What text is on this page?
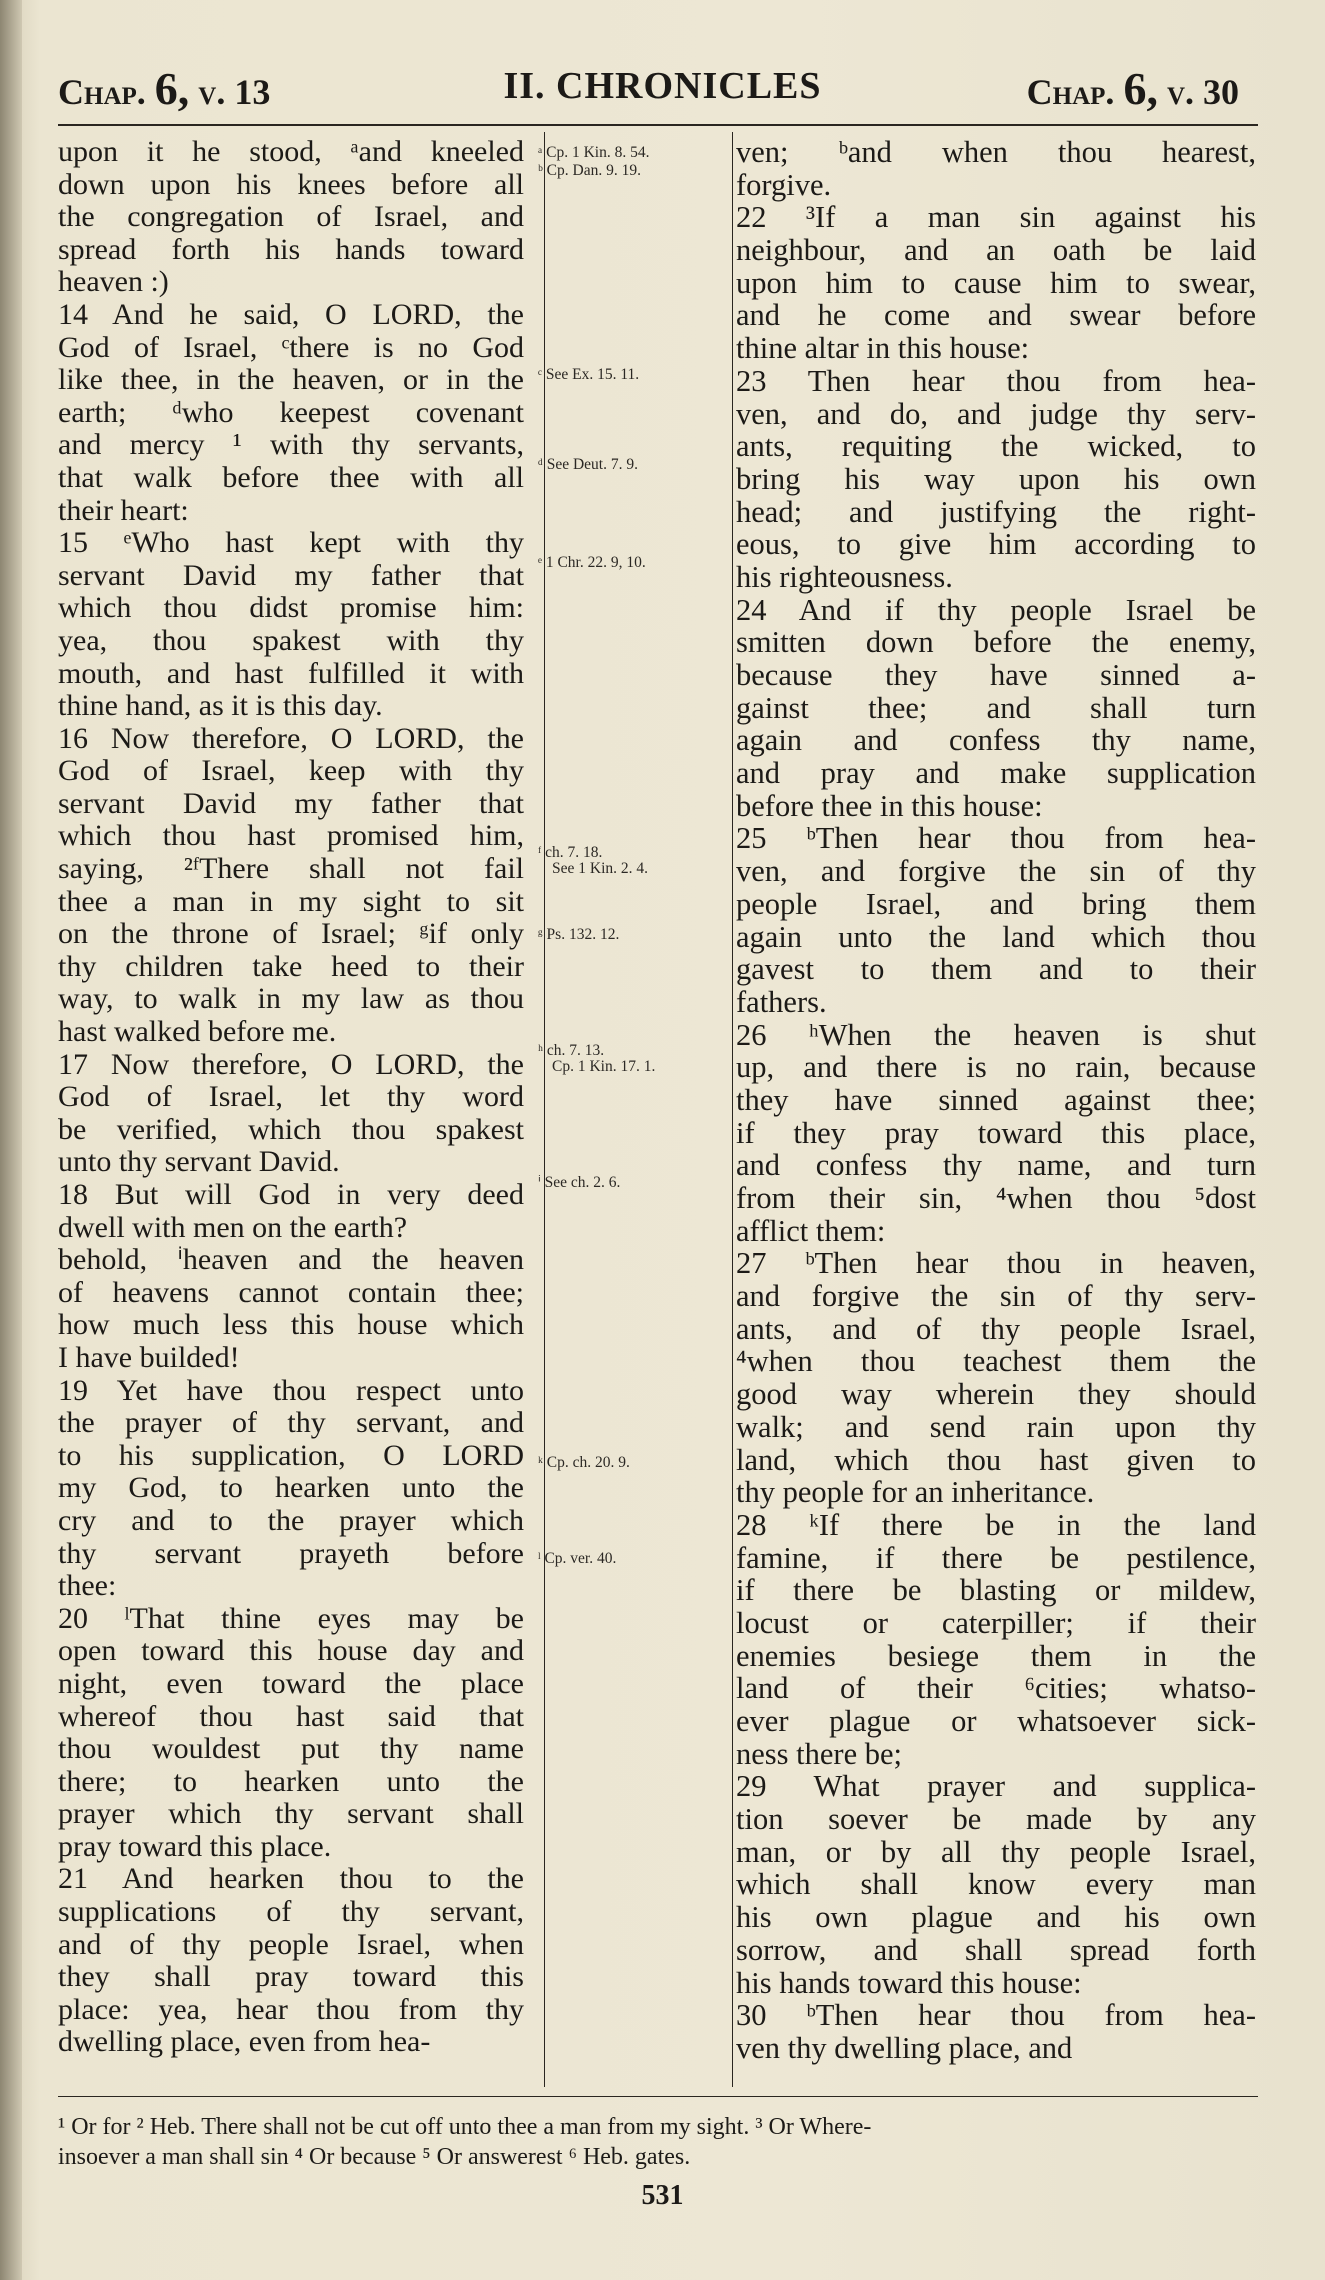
Chap. 6, v. 13	II. CHRONICLES	Chap. 6, v. 30
upon it he stood, ᵃand kneeled
down upon his knees before all
the congregation of Israel, and
spread forth his hands toward
heaven :)
14 And he said, O LORD, the
God of Israel, ᶜthere is no God
like thee, in the heaven, or in the
earth; ᵈwho keepest covenant
and mercy ¹ with thy servants,
that walk before thee with all
their heart:
15 ᵉWho hast kept with thy
servant David my father that
which thou didst promise him:
yea, thou spakest with thy
mouth, and hast fulfilled it with
thine hand, as it is this day.
16 Now therefore, O LORD, the
God of Israel, keep with thy
servant David my father that
which thou hast promised him,
saying, ²ᶠThere shall not fail
thee a man in my sight to sit
on the throne of Israel; ᵍif only
thy children take heed to their
way, to walk in my law as thou
hast walked before me.
17 Now therefore, O LORD, the
God of Israel, let thy word
be verified, which thou spakest
unto thy servant David.
18 But will God in very deed
dwell with men on the earth?
behold, ⁱheaven and the heaven
of heavens cannot contain thee;
how much less this house which
I have builded!
19 Yet have thou respect unto
the prayer of thy servant, and
to his supplication, O LORD
my God, to hearken unto the
cry and to the prayer which
thy servant prayeth before
thee:
20 ˡThat thine eyes may be
open toward this house day and
night, even toward the place
whereof thou hast said that
thou wouldest put thy name
there; to hearken unto the
prayer which thy servant shall
pray toward this place.
21 And hearken thou to the
supplications of thy servant,
and of thy people Israel, when
they shall pray toward this
place: yea, hear thou from thy
dwelling place, even from hea-
ᵃ Cp. 1 Kin. 8. 54.
ᵇ Cp. Dan. 9. 19.
ᶜ See Ex. 15. 11.
ᵈ See Deut. 7. 9.
ᵉ 1 Chr. 22. 9, 10.
ᶠ ch. 7. 18.
See 1 Kin. 2. 4.
ᵍ Ps. 132. 12.
ʰ ch. 7. 13.
Cp. 1 Kin. 17. 1.
ⁱ See ch. 2. 6.
ᵏ Cp. ch. 20. 9.
ˡ Cp. ver. 40.
ven; ᵇand when thou hearest,
forgive.
22 ³If a man sin against his
neighbour, and an oath be laid
upon him to cause him to swear,
and he come and swear before
thine altar in this house:
23 Then hear thou from hea-
ven, and do, and judge thy serv-
ants, requiting the wicked, to
bring his way upon his own
head; and justifying the right-
eous, to give him according to
his righteousness.
24 And if thy people Israel be
smitten down before the enemy,
because they have sinned a-
gainst thee; and shall turn
again and confess thy name,
and pray and make supplication
before thee in this house:
25 ᵇThen hear thou from hea-
ven, and forgive the sin of thy
people Israel, and bring them
again unto the land which thou
gavest to them and to their
fathers.
26 ʰWhen the heaven is shut
up, and there is no rain, because
they have sinned against thee;
if they pray toward this place,
and confess thy name, and turn
from their sin, ⁴when thou ⁵dost
afflict them:
27 ᵇThen hear thou in heaven,
and forgive the sin of thy serv-
ants, and of thy people Israel,
⁴when thou teachest them the
good way wherein they should
walk; and send rain upon thy
land, which thou hast given to
thy people for an inheritance.
28 ᵏIf there be in the land
famine, if there be pestilence,
if there be blasting or mildew,
locust or caterpiller; if their
enemies besiege them in the
land of their ⁶cities; whatso-
ever plague or whatsoever sick-
ness there be;
29 What prayer and supplica-
tion soever be made by any
man, or by all thy people Israel,
which shall know every man
his own plague and his own
sorrow, and shall spread forth
his hands toward this house:
30 ᵇThen hear thou from hea-
ven thy dwelling place, and
¹ Or for ² Heb. There shall not be cut off unto thee a man from my sight. ³ Or Where-
insoever a man shall sin ⁴ Or because ⁵ Or answerest ⁶ Heb. gates.
531
